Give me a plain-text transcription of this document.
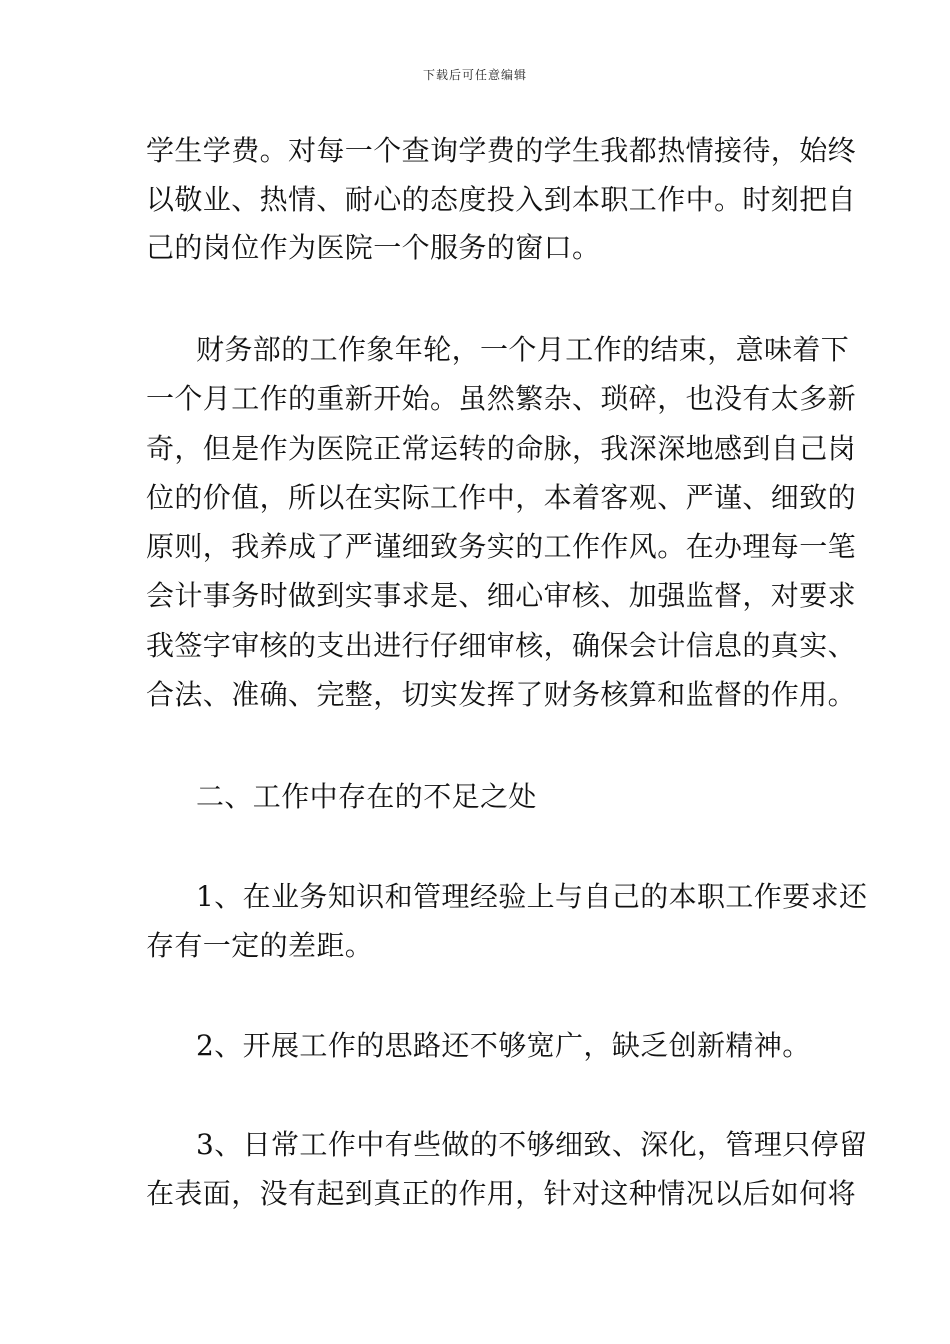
下载后可任意编辑
学生学费。对每一个查询学费的学生我都热情接待，始终
以敬业、热情、耐心的态度投入到本职工作中。时刻把自
己的岗位作为医院一个服务的窗口。
财务部的工作象年轮，一个月工作的结束，意味着下
一个月工作的重新开始。虽然繁杂、琐碎，也没有太多新
奇，但是作为医院正常运转的命脉，我深深地感到自己岗
位的价值，所以在实际工作中，本着客观、严谨、细致的
原则，我养成了严谨细致务实的工作作风。在办理每一笔
会计事务时做到实事求是、细心审核、加强监督，对要求
我签字审核的支出进行仔细审核，确保会计信息的真实、
合法、准确、完整，切实发挥了财务核算和监督的作用。
二、工作中存在的不足之处
1、在业务知识和管理经验上与自己的本职工作要求还
存有一定的差距。
2、开展工作的思路还不够宽广，缺乏创新精神。
3、日常工作中有些做的不够细致、深化，管理只停留
在表面，没有起到真正的作用，针对这种情况以后如何将
